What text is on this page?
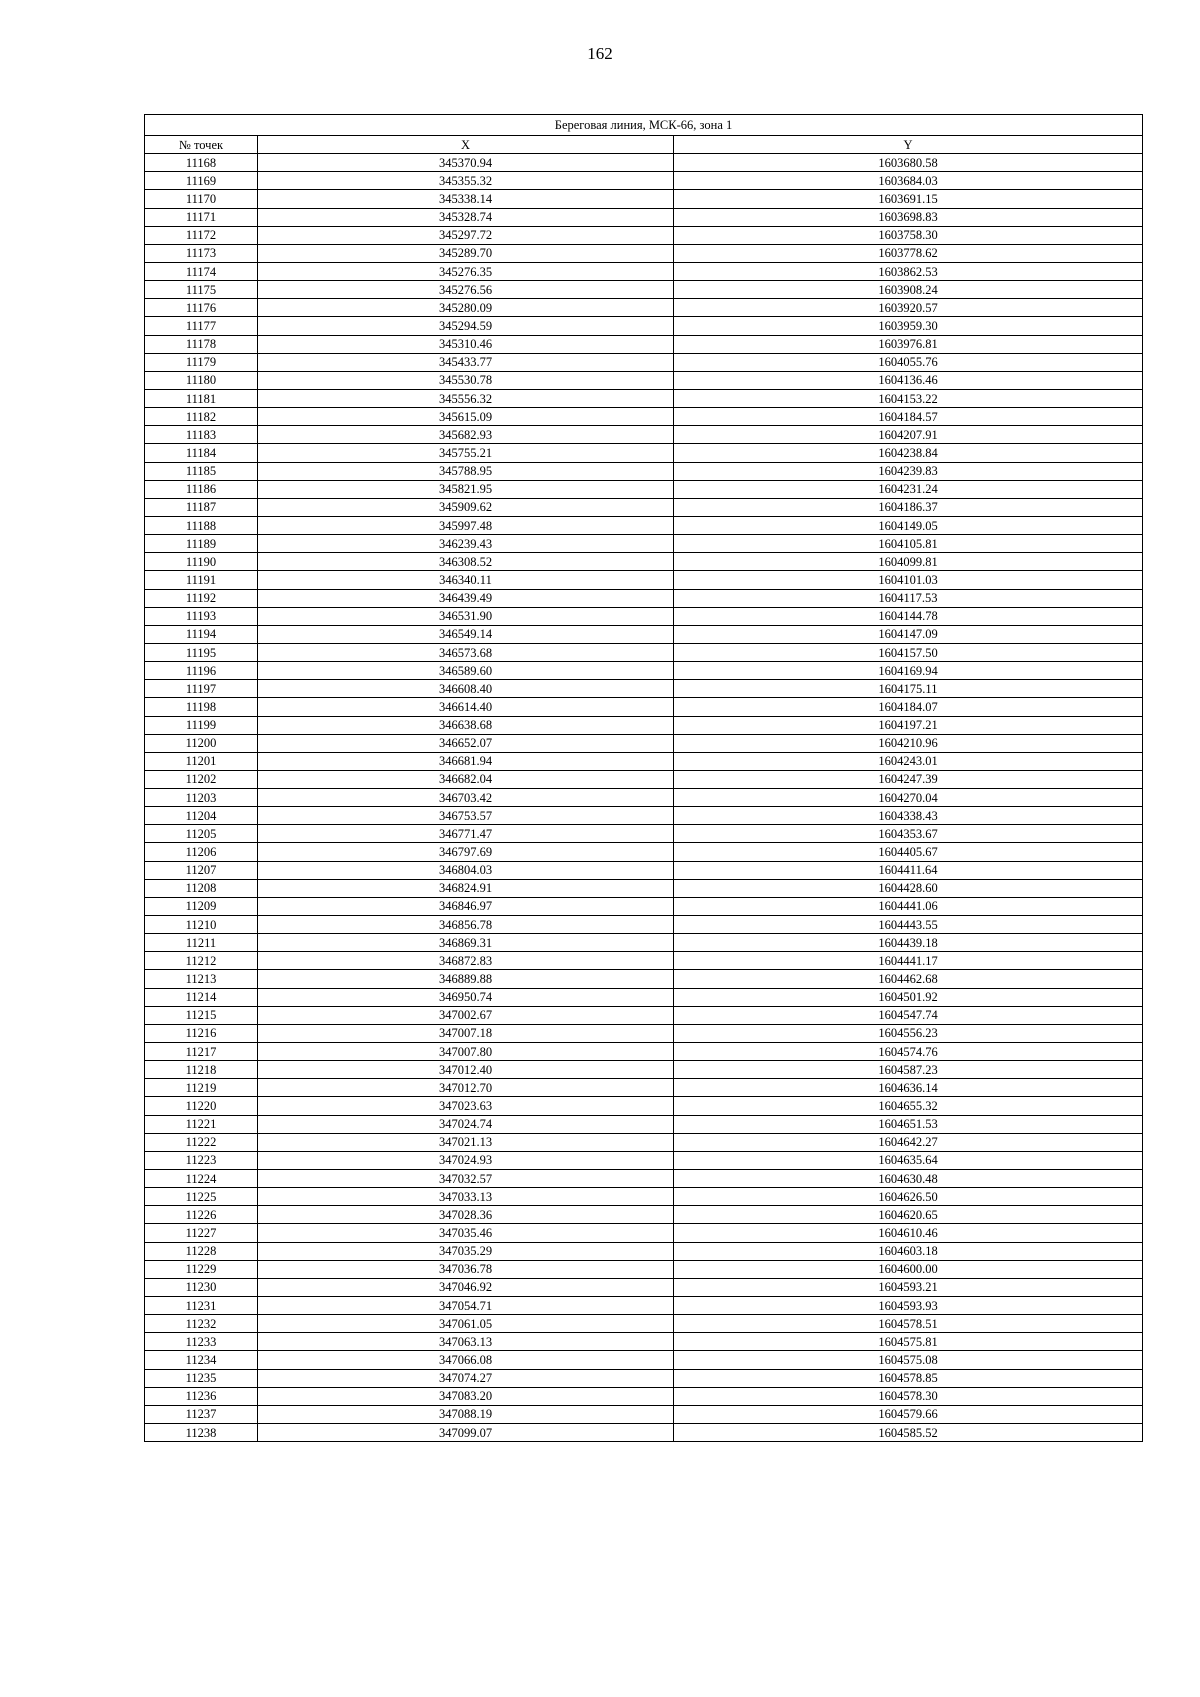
162
Береговая линия, МСК-66, зона 1		
№ точек	X	Y
11168	345370.94	1603680.58
11169	345355.32	1603684.03
11170	345338.14	1603691.15
11171	345328.74	1603698.83
11172	345297.72	1603758.30
11173	345289.70	1603778.62
11174	345276.35	1603862.53
11175	345276.56	1603908.24
11176	345280.09	1603920.57
11177	345294.59	1603959.30
11178	345310.46	1603976.81
11179	345433.77	1604055.76
11180	345530.78	1604136.46
11181	345556.32	1604153.22
11182	345615.09	1604184.57
11183	345682.93	1604207.91
11184	345755.21	1604238.84
11185	345788.95	1604239.83
11186	345821.95	1604231.24
11187	345909.62	1604186.37
11188	345997.48	1604149.05
11189	346239.43	1604105.81
11190	346308.52	1604099.81
11191	346340.11	1604101.03
11192	346439.49	1604117.53
11193	346531.90	1604144.78
11194	346549.14	1604147.09
11195	346573.68	1604157.50
11196	346589.60	1604169.94
11197	346608.40	1604175.11
11198	346614.40	1604184.07
11199	346638.68	1604197.21
11200	346652.07	1604210.96
11201	346681.94	1604243.01
11202	346682.04	1604247.39
11203	346703.42	1604270.04
11204	346753.57	1604338.43
11205	346771.47	1604353.67
11206	346797.69	1604405.67
11207	346804.03	1604411.64
11208	346824.91	1604428.60
11209	346846.97	1604441.06
11210	346856.78	1604443.55
11211	346869.31	1604439.18
11212	346872.83	1604441.17
11213	346889.88	1604462.68
11214	346950.74	1604501.92
11215	347002.67	1604547.74
11216	347007.18	1604556.23
11217	347007.80	1604574.76
11218	347012.40	1604587.23
11219	347012.70	1604636.14
11220	347023.63	1604655.32
11221	347024.74	1604651.53
11222	347021.13	1604642.27
11223	347024.93	1604635.64
11224	347032.57	1604630.48
11225	347033.13	1604626.50
11226	347028.36	1604620.65
11227	347035.46	1604610.46
11228	347035.29	1604603.18
11229	347036.78	1604600.00
11230	347046.92	1604593.21
11231	347054.71	1604593.93
11232	347061.05	1604578.51
11233	347063.13	1604575.81
11234	347066.08	1604575.08
11235	347074.27	1604578.85
11236	347083.20	1604578.30
11237	347088.19	1604579.66
11238	347099.07	1604585.52
